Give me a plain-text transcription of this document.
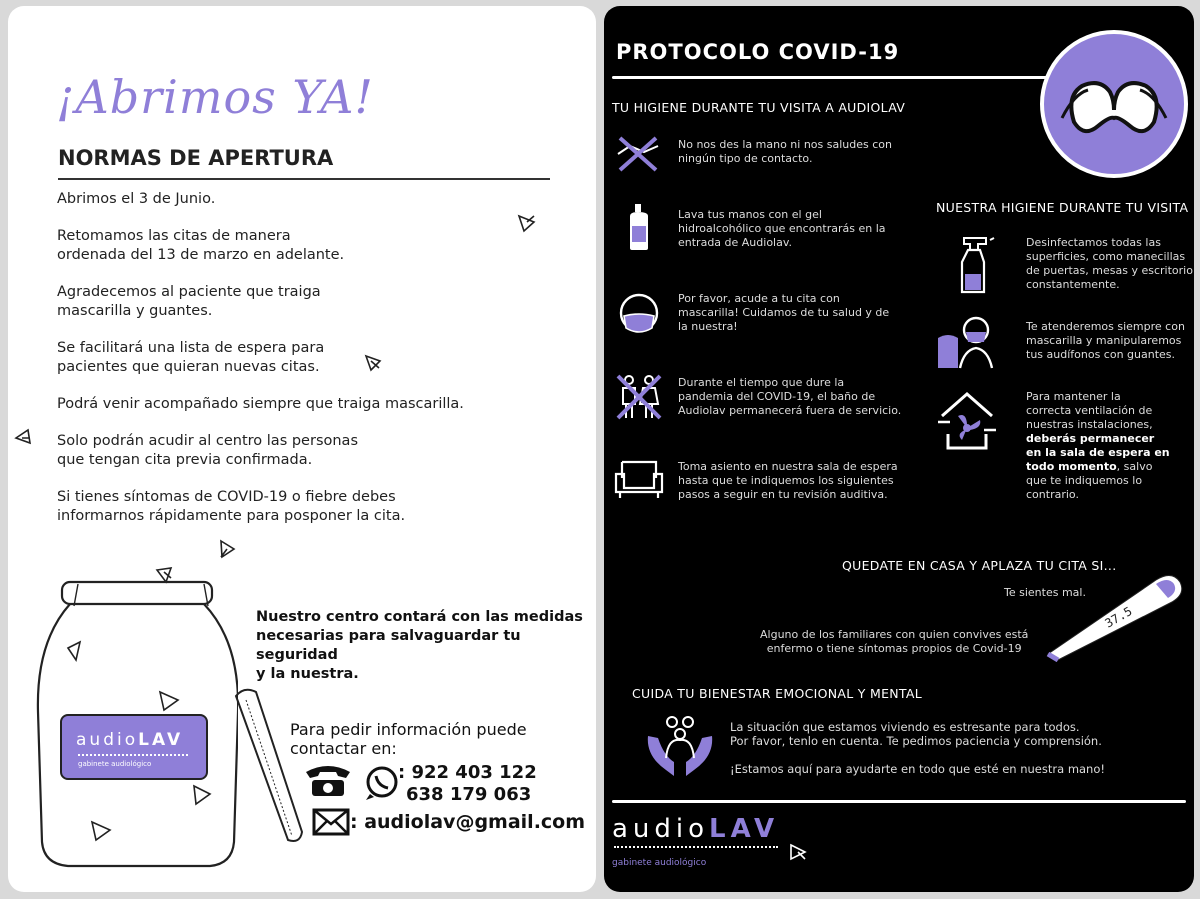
¡Abrimos YA!
NORMAS DE APERTURA

Abrimos el 3 de Junio.

Retomamos las citas de manera
ordenada del 13 de marzo en adelante.

Agradecemos al paciente que traiga
mascarilla y guantes.

Se facilitará una lista de espera para
pacientes que quieran nuevas citas.

Podrá venir acompañado siempre que traiga mascarilla.

Solo podrán acudir al centro las personas
que tengan cita previa confirmada.

Si tienes síntomas de COVID-19 o fiebre debes
informarnos rápidamente para posponer la cita.

audioLAV
gabinete audiológico
Nuestro centro contará con las medidas
necesarias para salvaguardar tu seguridad
y la nuestra.
Para pedir información puede
contactar en:
: 922 403 122
638 179 063
: audiolav@gmail.com
PROTOCOLO COVID-19
TU HIGIENE DURANTE TU VISITA A AUDIOLAV
No nos des la mano ni nos saludes con
ningún tipo de contacto.
Lava tus manos con el gel
hidroalcohólico que encontrarás en la
entrada de Audiolav.
Por favor, acude a tu cita con
mascarilla! Cuidamos de tu salud y de
la nuestra!
Durante el tiempo que dure la
pandemia del COVID-19, el baño de
Audiolav permanecerá fuera de servicio.
Toma asiento en nuestra sala de espera
hasta que te indiquemos los siguientes
pasos a seguir en tu revisión auditiva.
NUESTRA HIGIENE DURANTE TU VISITA
Desinfectamos todas las
superficies, como manecillas
de puertas, mesas y escritorio
constantemente.
Te atenderemos siempre con
mascarilla y manipularemos
tus audífonos con guantes.
Para mantener la
correcta ventilación de
nuestras instalaciones,
deberás permanecer
en la sala de espera en
todo momento, salvo
que te indiquemos lo
contrario.
QUEDATE EN CASA Y APLAZA TU CITA SI...
Te sientes mal.
Alguno de los familiares con quien convives está
enfermo o tiene síntomas propios de Covid-19
37.5
CUIDA TU BIENESTAR EMOCIONAL Y MENTAL
La situación que estamos viviendo es estresante para todos.
Por favor, tenlo en cuenta. Te pedimos paciencia y comprensión.

¡Estamos aquí para ayudarte en todo que esté en nuestra mano!
audioLAV
gabinete audiológico
